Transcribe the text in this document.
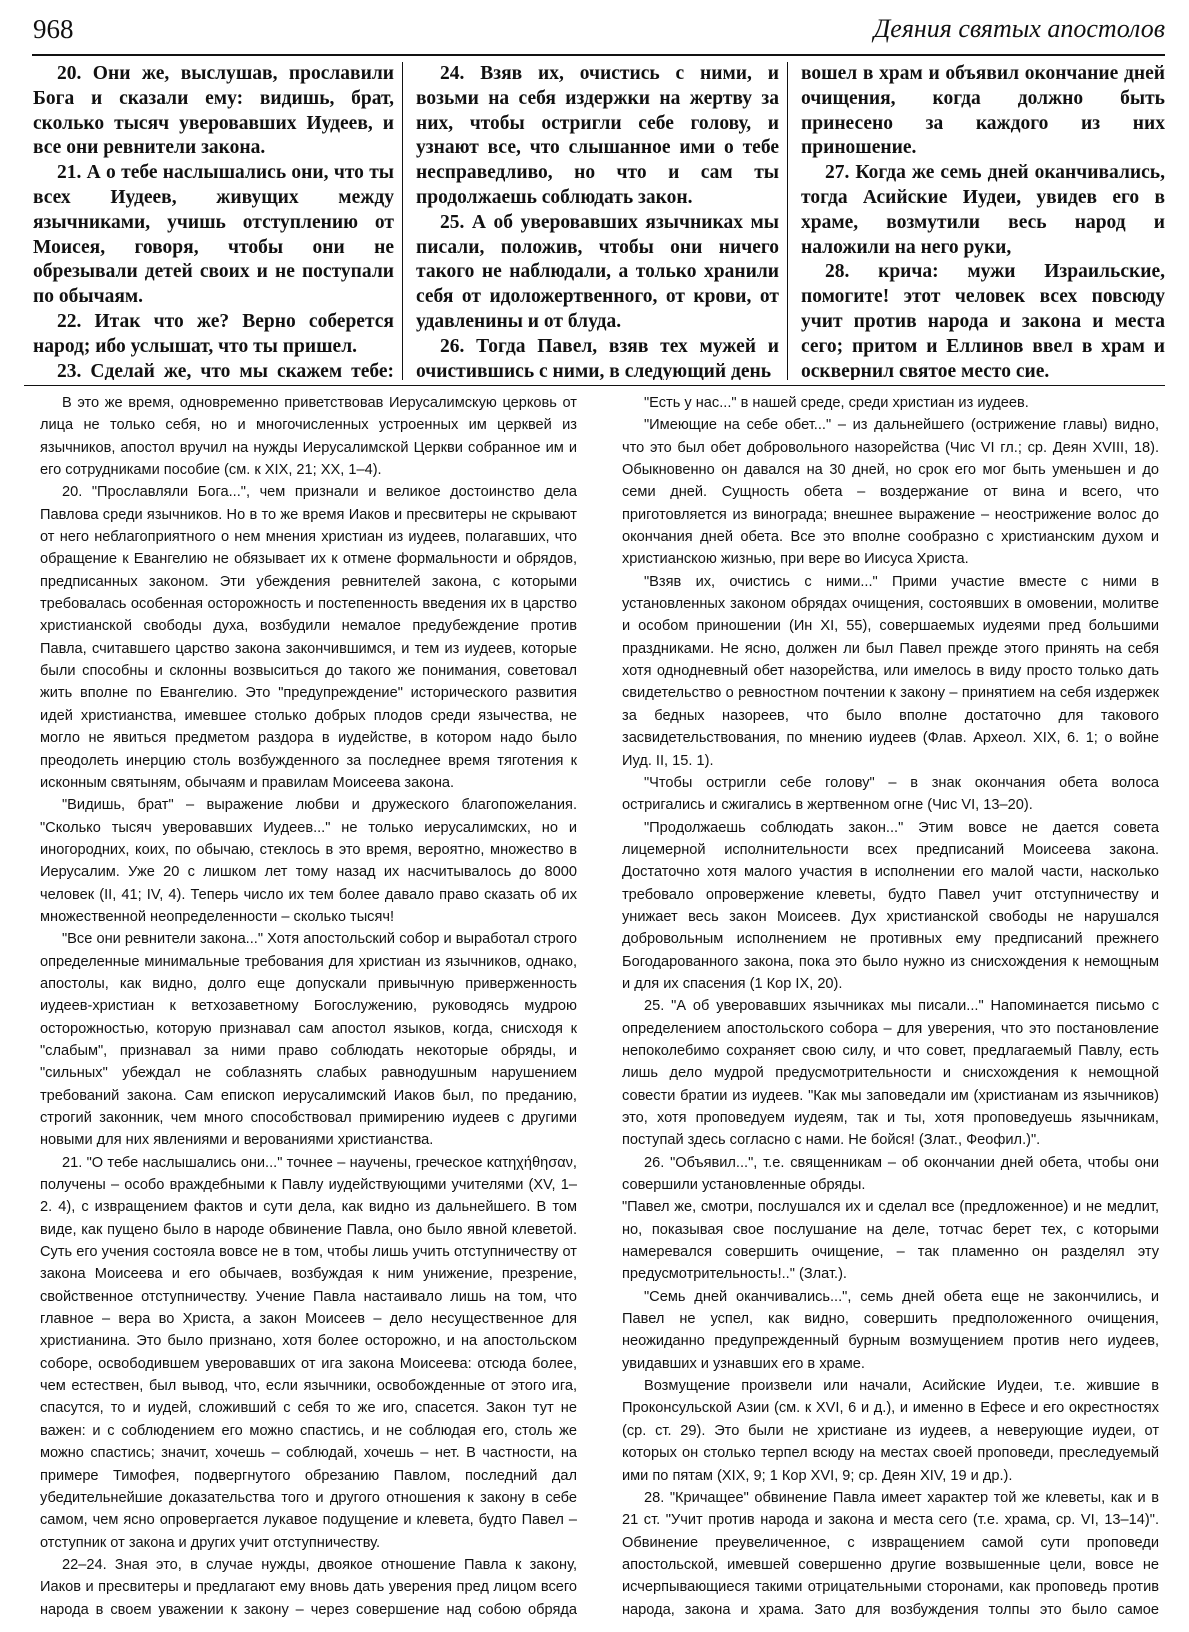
968	Деяния святых апостолов

20. Они же, выслушав, прославили Бога и сказали ему: видишь, брат, сколько тысяч уверовавших Иудеев, и все они ревнители закона.

21. А о тебе наслышались они, что ты всех Иудеев, живущих между язычниками, учишь отступлению от Моисея, говоря, чтобы они не обрезывали детей своих и не поступали по обычаям.

22. Итак что же? Верно соберется народ; ибо услышат, что ты пришел.

23. Сделай же, что мы скажем тебе:

24. Взяв их, очистись с ними, и возьми на себя издержки на жертву за них, чтобы остригли себе голову, и узнают все, что слышанное ими о тебе несправедливо, но что и сам ты продолжаешь соблюдать закон.

25. А об уверовавших язычниках мы писали, положив, чтобы они ничего такого не наблюдали, а только хранили себя от идоложертвенного, от крови, от удавленины и от блуда.

26. Тогда Павел, взяв тех мужей и очистившись с ними, в следующий день

вошел в храм и объявил окончание дней очищения, когда должно быть принесено за каждого из них приношение.

27. Когда же семь дней оканчивались, тогда Асийские Иудеи, увидев его в храме, возмутили весь народ и наложили на него руки,

28. крича: мужи Израильские, помогите! этот человек всех повсюду учит против народа и закона и места сего; притом и Еллинов ввел в храм и осквернил святое место сие.

В это же время, одновременно приветствовав Иерусалимскую церковь от лица не только себя, но и многочисленных устроенных им церквей из язычников, апостол вручил на нужды Иерусалимской Церкви собранное им и его сотрудниками пособие (см. к XIX, 21; XX, 1–4).

20. "Прославляли Бога...", чем признали и великое достоинство дела Павлова среди язычников. Но в то же время Иаков и пресвитеры не скрывают от него неблагоприятного о нем мнения христиан из иудеев, полагавших, что обращение к Евангелию не обязывает их к отмене формальности и обрядов, предписанных законом. Эти убеждения ревнителей закона, с которыми требовалась особенная осторожность и постепенность введения их в царство христианской свободы духа, возбудили немалое предубеждение против Павла, считавшего царство закона закончившимся, и тем из иудеев, которые были способны и склонны возвыситься до такого же понимания, советовал жить вполне по Евангелию. Это "предупреждение" исторического развития идей христианства, имевшее столько добрых плодов среди язычества, не могло не явиться предметом раздора в иудействе, в котором надо было преодолеть инерцию столь возбужденного за последнее время тяготения к исконным святыням, обычаям и правилам Моисеева закона.

"Видишь, брат" – выражение любви и дружеского благопожелания. "Сколько тысяч уверовавших Иудеев..." не только иерусалимских, но и иногородних, коих, по обычаю, стеклось в это время, вероятно, множество в Иерусалим. Уже 20 с лишком лет тому назад их насчитывалось до 8000 человек (II, 41; IV, 4). Теперь число их тем более давало право сказать об их множественной неопределенности – сколько тысяч!

"Все они ревнители закона..." Хотя апостольский собор и выработал строго определенные минимальные требования для христиан из язычников, однако, апостолы, как видно, долго еще допускали привычную приверженность иудеев-христиан к ветхозаветному Богослужению, руководясь мудрою осторожностью, которую признавал сам апостол языков, когда, снисходя к "слабым", признавал за ними право соблюдать некоторые обряды, и "сильных" убеждал не соблазнять слабых равнодушным нарушением требований закона. Сам епископ иерусалимский Иаков был, по преданию, строгий законник, чем много способствовал примирению иудеев с другими новыми для них явлениями и верованиями христианства.

21. "О тебе наслышались они..." точнее – научены, греческое κατηχήθησαν, получены – особо враждебными к Павлу иудействующими учителями (XV, 1–2. 4), с извращением фактов и сути дела, как видно из дальнейшего. В том виде, как пущено было в народе обвинение Павла, оно было явной клеветой. Суть его учения состояла вовсе не в том, чтобы лишь учить отступничеству от закона Моисеева и его обычаев, возбуждая к ним унижение, презрение, свойственное отступничеству. Учение Павла настаивало лишь на том, что главное – вера во Христа, а закон Моисеев – дело несущественное для христианина. Это было признано, хотя более осторожно, и на апостольском соборе, освободившем уверовавших от ига закона Моисеева: отсюда более, чем естествен, был вывод, что, если язычники, освобожденные от этого ига, спасутся, то и иудей, сложивший с себя то же иго, спасется. Закон тут не важен: и с соблюдением его можно спастись, и не соблюдая его, столь же можно спастись; значит, хочешь – соблюдай, хочешь – нет. В частности, на примере Тимофея, подвергнутого обрезанию Павлом, последний дал убедительнейшие доказательства того и другого отношения к закону в себе самом, чем ясно опровергается лукавое подущение и клевета, будто Павел – отступник от закона и других учит отступничеству.

22–24. Зная это, в случае нужды, двоякое отношение Павла к закону, Иаков и пресвитеры и предлагают ему вновь дать уверения пред лицом всего народа в своем уважении к закону – через совершение над собою обряда

"Есть у нас..." в нашей среде, среди христиан из иудеев.

"Имеющие на себе обет..." – из дальнейшего (острижение главы) видно, что это был обет добровольного назорейства (Чис VI гл.; ср. Деян XVIII, 18). Обыкновенно он давался на 30 дней, но срок его мог быть уменьшен и до семи дней. Сущность обета – воздержание от вина и всего, что приготовляется из винограда; внешнее выражение – неострижение волос до окончания дней обета. Все это вполне сообразно с христианским духом и христианскою жизнью, при вере во Иисуса Христа.

"Взяв их, очистись с ними..." Прими участие вместе с ними в установленных законом обрядах очищения, состоявших в омовении, молитве и особом приношении (Ин XI, 55), совершаемых иудеями пред большими праздниками. Не ясно, должен ли был Павел прежде этого принять на себя хотя однодневный обет назорейства, или имелось в виду просто только дать свидетельство о ревностном почтении к закону – принятием на себя издержек за бедных назореев, что было вполне достаточно для такового засвидетельствования, по мнению иудеев (Флав. Археол. XIX, 6. 1; о войне Иуд. II, 15. 1).

"Чтобы остригли себе голову" – в знак окончания обета волоса остригались и сжигались в жертвенном огне (Чис VI, 13–20).

"Продолжаешь соблюдать закон..." Этим вовсе не дается совета лицемерной исполнительности всех предписаний Моисеева закона. Достаточно хотя малого участия в исполнении его малой части, насколько требовало опровержение клеветы, будто Павел учит отступничеству и унижает весь закон Моисеев. Дух христианской свободы не нарушался добровольным исполнением не противных ему предписаний прежнего Богодарованного закона, пока это было нужно из снисхождения к немощным и для их спасения (1 Кор IX, 20).

25. "А об уверовавших язычниках мы писали..." Напоминается письмо с определением апостольского собора – для уверения, что это постановление непоколебимо сохраняет свою силу, и что совет, предлагаемый Павлу, есть лишь дело мудрой предусмотрительности и снисхождения к немощной совести братии из иудеев. "Как мы заповедали им (христианам из язычников) это, хотя проповедуем иудеям, так и ты, хотя проповедуешь язычникам, поступай здесь согласно с нами. Не бойся! (Злат., Феофил.)".

26. "Объявил...", т.е. священникам – об окончании дней обета, чтобы они совершили установленные обряды.

"Павел же, смотри, послушался их и сделал все (предложенное) и не медлит, но, показывая свое послушание на деле, тотчас берет тех, с которыми намеревался совершить очищение, – так пламенно он разделял эту предусмотрительность!.." (Злат.).

"Семь дней оканчивались...", семь дней обета еще не закончились, и Павел не успел, как видно, совершить предположенного очищения, неожиданно предупрежденный бурным возмущением против него иудеев, увидавших и узнавших его в храме.

Возмущение произвели или начали, Асийские Иудеи, т.е. жившие в Проконсульской Азии (см. к XVI, 6 и д.), и именно в Ефесе и его окрестностях (ср. ст. 29). Это были не христиане из иудеев, а неверующие иудеи, от которых он столько терпел всюду на местах своей проповеди, преследуемый ими по пятам (XIX, 9; 1 Кор XVI, 9; ср. Деян XIV, 19 и др.).

28. "Кричащее" обвинение Павла имеет характер той же клеветы, как и в 21 ст. "Учит против народа и закона и места сего (т.е. храма, ср. VI, 13–14)". Обвинение преувеличенное, с извращением самой сути проповеди апостольской, имевшей совершенно другие возвышенные цели, вовсе не исчерпывающиеся такими отрицательными сторонами, как проповедь против народа, закона и храма. Зато для возбуждения толпы это было самое
